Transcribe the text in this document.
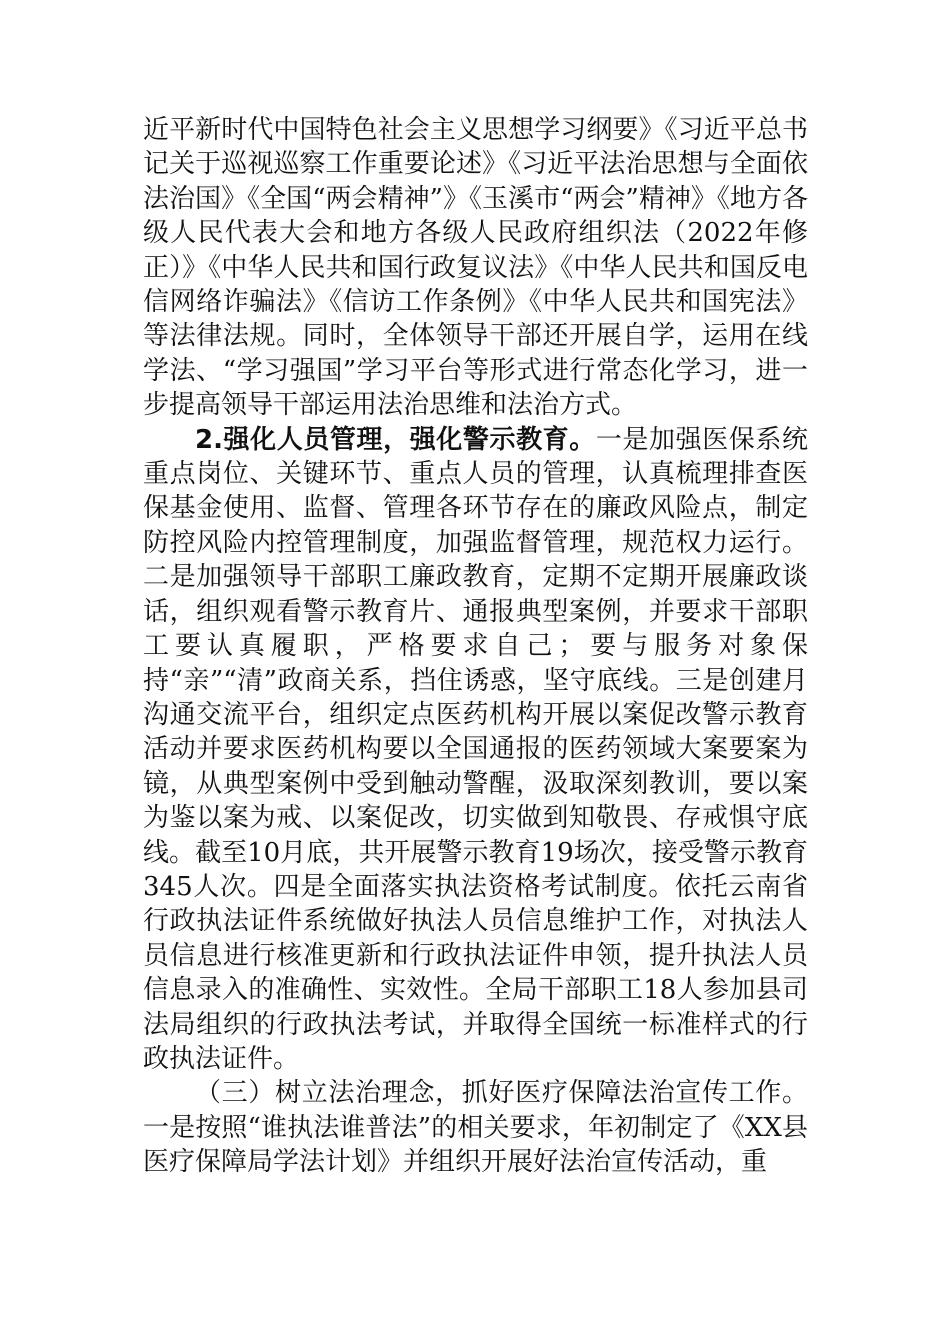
近平新时代中国特色社会主义思想学习纲要》《习近平总书记关于巡视巡察工作重要论述》《习近平法治思想与全面依法治国》《全国“两会精神”》《玉溪市“两会”精神》《地方各级人民代表大会和地方各级人民政府组织法（2022年修正）》《中华人民共和国行政复议法》《中华人民共和国反电信网络诈骗法》《信访工作条例》《中华人民共和国宪法》等法律法规。同时，全体领导干部还开展自学，运用在线学法、“学习强国”学习平台等形式进行常态化学习，进一步提高领导干部运用法治思维和法治方式。

2.强化人员管理，强化警示教育。一是加强医保系统重点岗位、关键环节、重点人员的管理，认真梳理排查医保基金使用、监督、管理各环节存在的廉政风险点，制定防控风险内控管理制度，加强监督管理，规范权力运行。二是加强领导干部职工廉政教育，定期不定期开展廉政谈话，组织观看警示教育片、通报典型案例，并要求干部职工要认真履职，严格要求自己；要与服务对象保持“亲”“清”政商关系，挡住诱惑，坚守底线。三是创建月沟通交流平台，组织定点医药机构开展以案促改警示教育活动并要求医药机构要以全国通报的医药领域大案要案为镜，从典型案例中受到触动警醒，汲取深刻教训，要以案为鉴以案为戒、以案促改，切实做到知敬畏、存戒惧守底线。截至10月底，共开展警示教育19场次，接受警示教育345人次。四是全面落实执法资格考试制度。依托云南省行政执法证件系统做好执法人员信息维护工作，对执法人员信息进行核准更新和行政执法证件申领，提升执法人员信息录入的准确性、实效性。全局干部职工18人参加县司法局组织的行政执法考试，并取得全国统一标准样式的行政执法证件。

（三）树立法治理念，抓好医疗保障法治宣传工作。一是按照“谁执法谁普法”的相关要求，年初制定了《XX县医疗保障局学法计划》并组织开展好法治宣传活动，重
